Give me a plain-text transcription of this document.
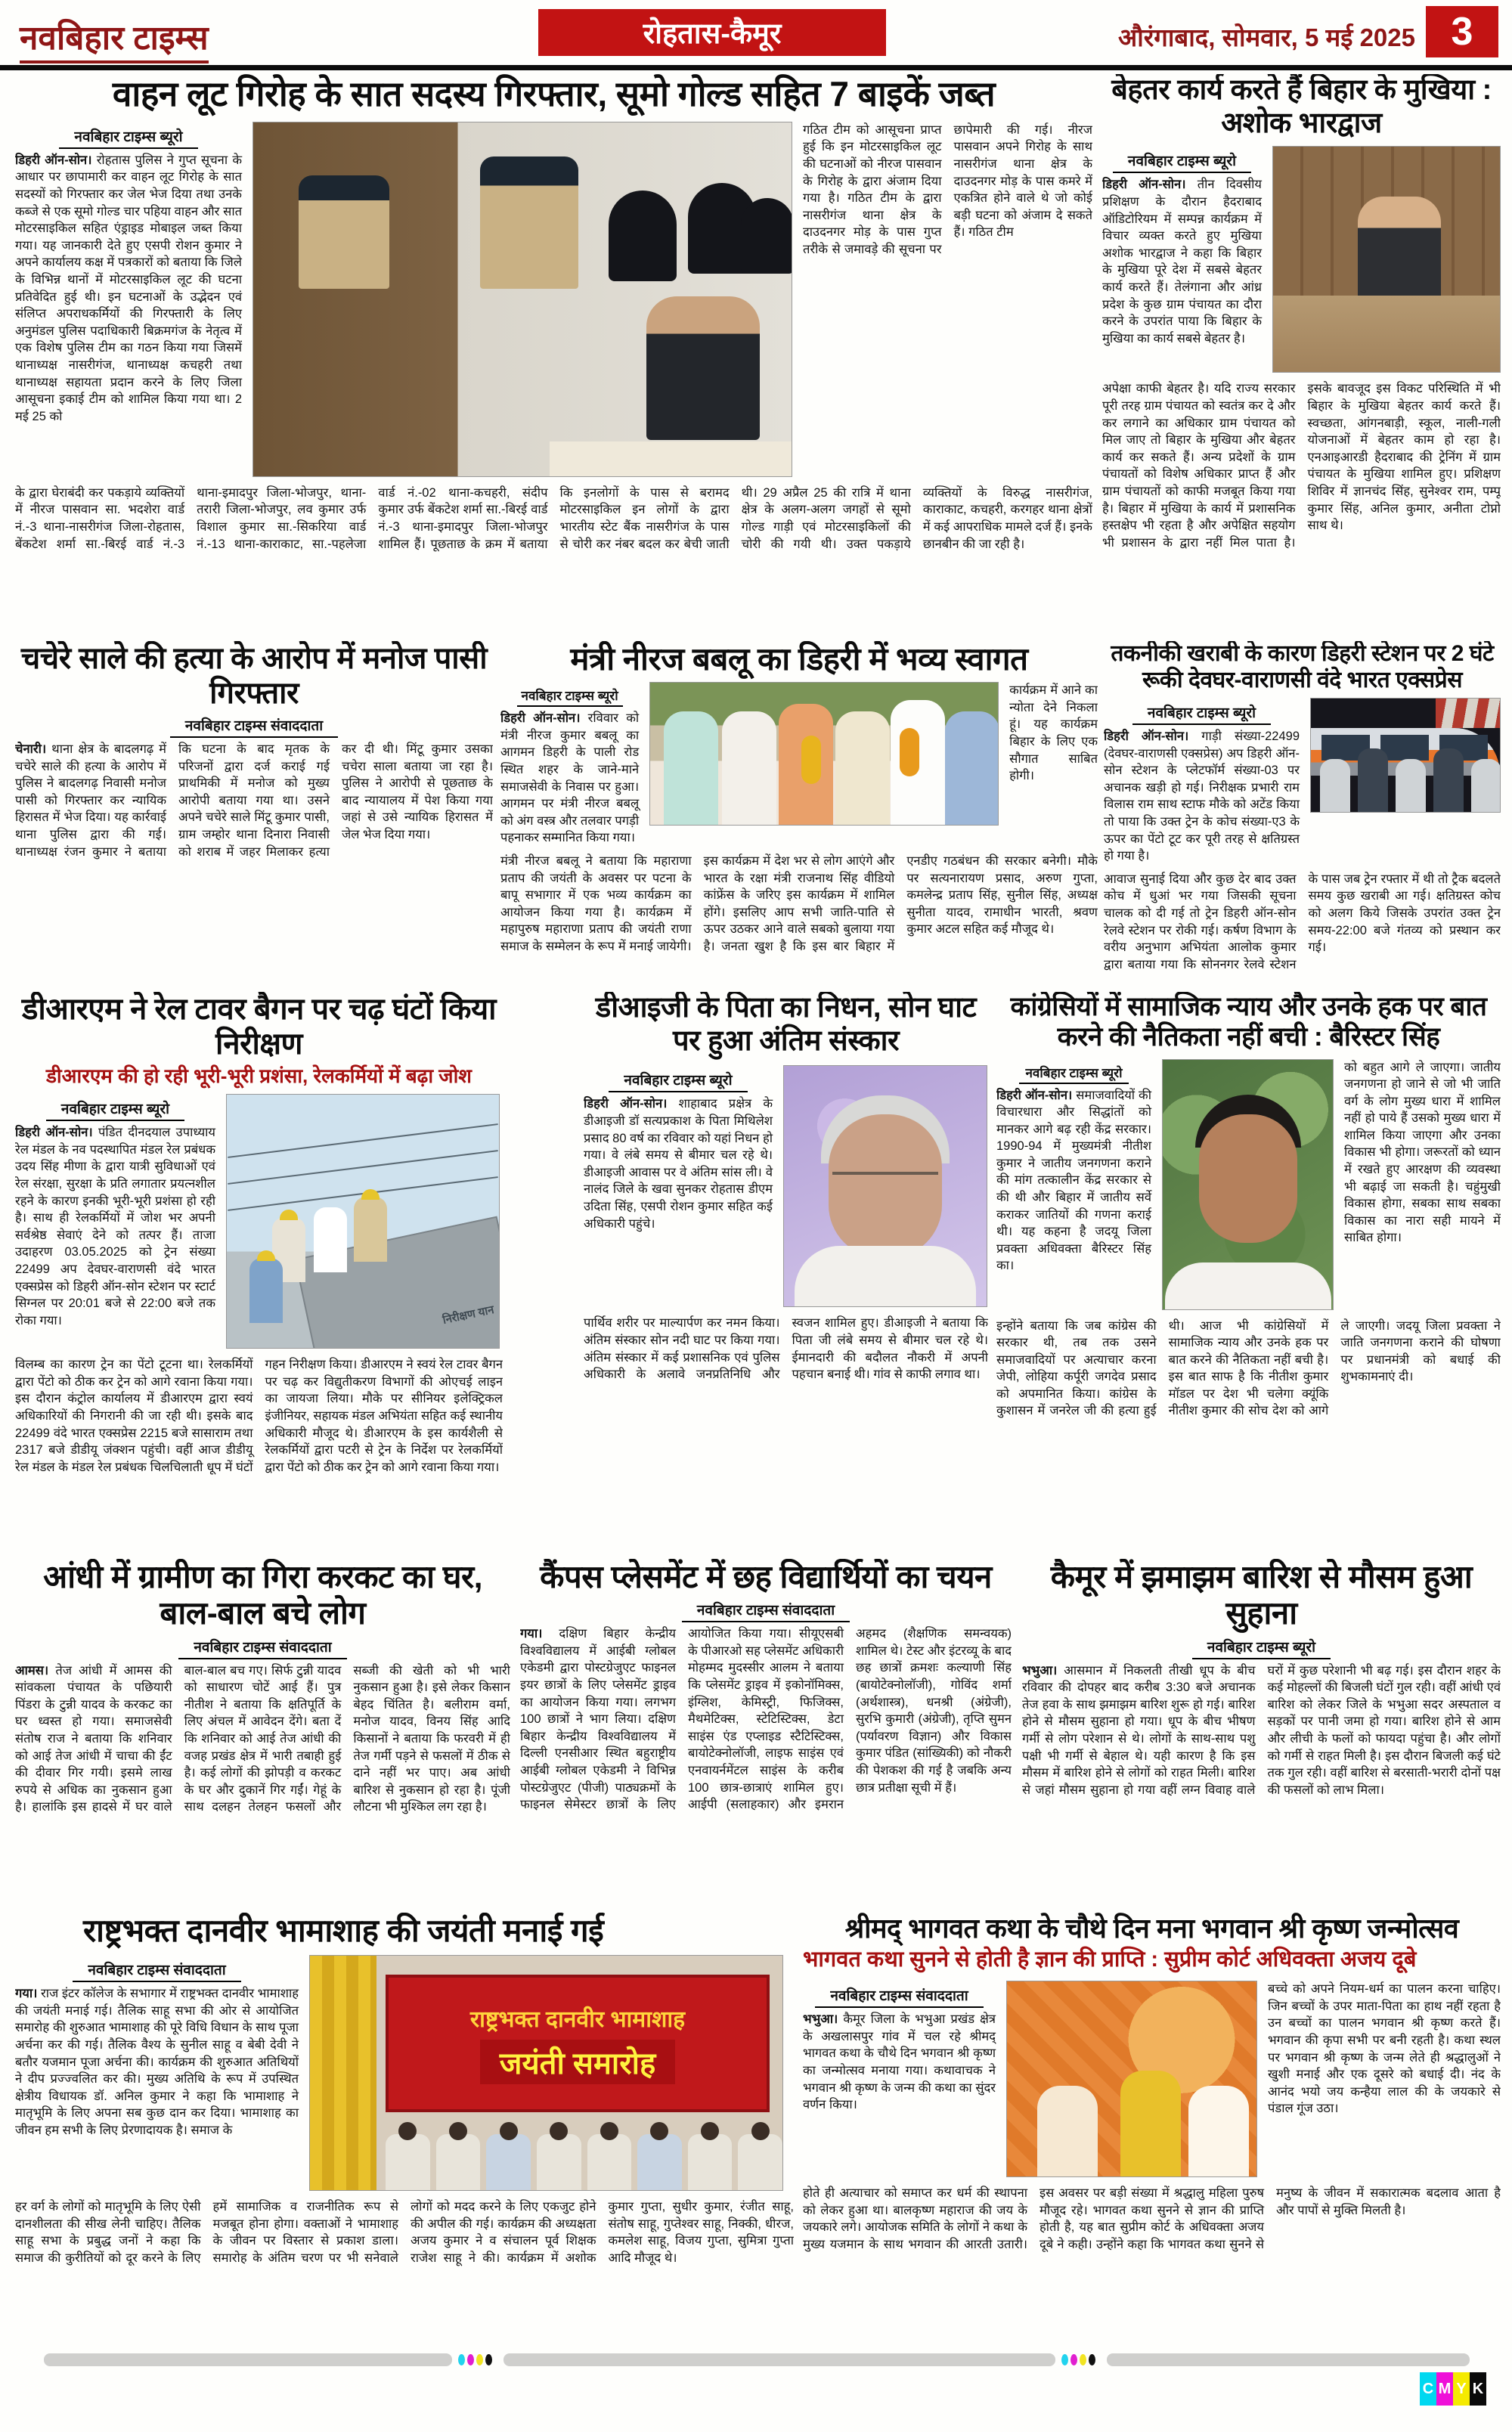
नवबिहार टाइम्स	रोहतास-कैमूर	औरंगाबाद, सोमवार, 5 मई 2025 3
वाहन लूट गिरोह के सात सदस्य गिरफ्तार, सूमो गोल्ड सहित 7 बाइकें जब्त
नवबिहार टाइम्स ब्यूरो
डिहरी ऑन-सोन। रोहतास पुलिस ने गुप्त सूचना के आधार पर छापामारी कर वाहन लूट गिरोह के सात सदस्यों को गिरफ्तार कर जेल भेज दिया तथा उनके कब्जे से एक सूमो गोल्ड चार पहिया वाहन और सात मोटरसाइकिल सहित एंड्राइड मोबाइल जब्त किया गया। यह जानकारी देते हुए एसपी रोशन कुमार ने अपने कार्यालय कक्ष में पत्रकारों को बताया कि जिले के विभिन्न थानों में मोटरसाइकिल लूट की घटना प्रतिवेदित हुई थी। इन घटनाओं के उद्भेदन एवं संलिप्त अपराधकर्मियों की गिरफ्तारी के लिए अनुमंडल पुलिस पदाधिकारी बिक्रमगंज के नेतृत्व में एक विशेष पुलिस टीम का गठन किया गया जिसमें थानाध्यक्ष नासरीगंज, थानाध्यक्ष कचहरी तथा थानाध्यक्ष सहायता प्रदान करने के लिए जिला आसूचना इकाई टीम को शामिल किया गया था। 2 मई 25 को
गठित टीम को आसूचना प्राप्त हुई कि इन मोटरसाइकिल लूट की घटनाओं को नीरज पासवान के गिरोह के द्वारा अंजाम दिया गया है। गठित टीम के द्वारा नासरीगंज थाना क्षेत्र के दाउदनगर मोड़ के पास गुप्त तरीके से जमावड़े की सूचना पर छापेमारी की गई। नीरज पासवान अपने गिरोह के साथ नासरीगंज थाना क्षेत्र के दाउदनगर मोड़ के पास कमरे में एकत्रित होने वाले थे जो कोई बड़ी घटना को अंजाम दे सकते हैं। गठित टीम
के द्वारा घेराबंदी कर पकड़ाये व्यक्तियों में नीरज पासवान सा. भदशेरा वार्ड नं.-3 थाना-नासरीगंज जिला-रोहतास, बेंकटेश शर्मा सा.-बिरई वार्ड नं.-3 थाना-इमादपुर जिला-भोजपुर, थाना-तरारी जिला-भोजपुर, लव कुमार उर्फ विशाल कुमार सा.-सिकरिया वार्ड नं.-13 थाना-काराकाट, सा.-पहलेजा वार्ड नं.-02 थाना-कचहरी, संदीप कुमार उर्फ बेंकटेश शर्मा सा.-बिरई वार्ड नं.-3 थाना-इमादपुर जिला-भोजपुर शामिल हैं। पूछताछ के क्रम में बताया कि इनलोगों के पास से बरामद मोटरसाइकिल इन लोगों के द्वारा भारतीय स्टेट बैंक नासरीगंज के पास से चोरी कर नंबर बदल कर बेची जाती थी। 29 अप्रैल 25 की रात्रि में थाना क्षेत्र के अलग-अलग जगहों से सूमो गोल्ड गाड़ी एवं मोटरसाइकिलों की चोरी की गयी थी। उक्त पकड़ाये व्यक्तियों के विरुद्ध नासरीगंज, काराकाट, कचहरी, करगहर थाना क्षेत्रों में कई आपराधिक मामले दर्ज हैं। इनके छानबीन की जा रही है।
बेहतर कार्य करते हैं बिहार के मुखिया : अशोक भारद्वाज
नवबिहार टाइम्स ब्यूरो
डिहरी ऑन-सोन। तीन दिवसीय प्रशिक्षण के दौरान हैदराबाद ऑडिटोरियम में सम्पन्न कार्यक्रम में विचार व्यक्त करते हुए मुखिया अशोक भारद्वाज ने कहा कि बिहार के मुखिया पूरे देश में सबसे बेहतर कार्य करते हैं। तेलंगाना और आंध्र प्रदेश के कुछ ग्राम पंचायत का दौरा करने के उपरांत पाया कि बिहार के मुखिया का कार्य सबसे बेहतर है।
अपेक्षा काफी बेहतर है। यदि राज्य सरकार पूरी तरह ग्राम पंचायत को स्वतंत्र कर दे और कर लगाने का अधिकार ग्राम पंचायत को मिल जाए तो बिहार के मुखिया और बेहतर कार्य कर सकते हैं। अन्य प्रदेशों के ग्राम पंचायतों को विशेष अधिकार प्राप्त हैं और ग्राम पंचायतों को काफी मजबूत किया गया है। बिहार में मुखिया के कार्य में प्रशासनिक हस्तक्षेप भी रहता है और अपेक्षित सहयोग भी प्रशासन के द्वारा नहीं मिल पाता है। इसके बावजूद इस विकट परिस्थिति में भी बिहार के मुखिया बेहतर कार्य करते हैं। स्वच्छता, आंगनबाड़ी, स्कूल, नाली-गली योजनाओं में बेहतर काम हो रहा है। एनआइआरडी हैदराबाद की ट्रेनिंग में ग्राम पंचायत के मुखिया शामिल हुए। प्रशिक्षण शिविर में ज्ञानचंद सिंह, सुनेश्वर राम, पम्पू कुमार सिंह, अनिल कुमार, अनीता टोप्नो साथ थे।
चचेरे साले की हत्या के आरोप में मनोज पासी गिरफ्तार
नवबिहार टाइम्स संवाददाता
चेनारी। थाना क्षेत्र के बादलगढ़ में चचेरे साले की हत्या के आरोप में पुलिस ने बादलगढ़ निवासी मनोज पासी को गिरफ्तार कर न्यायिक हिरासत में भेज दिया। यह कार्रवाई थाना पुलिस द्वारा की गई। थानाध्यक्ष रंजन कुमार ने बताया कि घटना के बाद मृतक के परिजनों द्वारा दर्ज कराई गई प्राथमिकी में मनोज को मुख्य आरोपी बताया गया था। उसने अपने चचेरे साले मिंटू कुमार पासी, ग्राम जम्होर थाना दिनारा निवासी को शराब में जहर मिलाकर हत्या कर दी थी। मिंटू कुमार उसका चचेरा साला बताया जा रहा है। पुलिस ने आरोपी से पूछताछ के बाद न्यायालय में पेश किया गया जहां से उसे न्यायिक हिरासत में जेल भेज दिया गया।
मंत्री नीरज बबलू का डिहरी में भव्य स्वागत
नवबिहार टाइम्स ब्यूरो
डिहरी ऑन-सोन। रविवार को मंत्री नीरज कुमार बबलू का आगमन डिहरी के पाली रोड स्थित शहर के जाने-माने समाजसेवी के निवास पर हुआ। आगमन पर मंत्री नीरज बबलू को अंग वस्त्र और तलवार पगड़ी पहनाकर सम्मानित किया गया।
कार्यक्रम में आने का न्योता देने निकला हूं। यह कार्यक्रम बिहार के लिए एक सौगात साबित होगी।
मंत्री नीरज बबलू ने बताया कि महाराणा प्रताप की जयंती के अवसर पर पटना के बापू सभागार में एक भव्य कार्यक्रम का आयोजन किया गया है। कार्यक्रम में महापुरुष महाराणा प्रताप की जयंती राणा समाज के सम्मेलन के रूप में मनाई जायेगी। इस कार्यक्रम में देश भर से लोग आएंगे और भारत के रक्षा मंत्री राजनाथ सिंह वीडियो कांफ्रेंस के जरिए इस कार्यक्रम में शामिल होंगे। इसलिए आप सभी जाति-पाति से ऊपर उठकर आने वाले सबको बुलाया गया है। जनता खुश है कि इस बार बिहार में एनडीए गठबंधन की सरकार बनेगी। मौके पर सत्यनारायण प्रसाद, अरुण गुप्ता, कमलेन्द्र प्रताप सिंह, सुनील सिंह, अध्यक्ष सुनीता यादव, रामाधीन भारती, श्रवण कुमार अटल सहित कई मौजूद थे।
तकनीकी खराबी के कारण डिहरी स्टेशन पर 2 घंटे रूकी देवघर-वाराणसी वंदे भारत एक्सप्रेस
नवबिहार टाइम्स ब्यूरो
डिहरी ऑन-सोन। गाड़ी संख्या-22499 (देवघर-वाराणसी एक्सप्रेस) अप डिहरी ऑन-सोन स्टेशन के प्लेटफॉर्म संख्या-03 पर अचानक खड़ी हो गई। निरीक्षक प्रभारी राम विलास राम साथ स्टाफ मौके को अटेंड किया तो पाया कि उक्त ट्रेन के कोच संख्या-ए3 के ऊपर का पेंटो टूट कर पूरी तरह से क्षतिग्रस्त हो गया है।
आवाज सुनाई दिया और कुछ देर बाद उक्त कोच में धुआं भर गया जिसकी सूचना चालक को दी गई तो ट्रेन डिहरी ऑन-सोन रेलवे स्टेशन पर रोकी गई। कर्षण विभाग के वरीय अनुभाग अभियंता आलोक कुमार द्वारा बताया गया कि सोननगर रेलवे स्टेशन के पास जब ट्रेन रफ्तार में थी तो ट्रैक बदलते समय कुछ खराबी आ गई। क्षतिग्रस्त कोच को अलग किये जिसके उपरांत उक्त ट्रेन समय-22:00 बजे गंतव्य को प्रस्थान कर गई।
डीआरएम ने रेल टावर बैगन पर चढ़ घंटों किया निरीक्षण
डीआरएम की हो रही भूरी-भूरी प्रशंसा, रेलकर्मियों में बढ़ा जोश
नवबिहार टाइम्स ब्यूरो
डिहरी ऑन-सोन। पंडित दीनदयाल उपाध्याय रेल मंडल के नव पदस्थापित मंडल रेल प्रबंधक उदय सिंह मीणा के द्वारा यात्री सुविधाओं एवं रेल संरक्षा, सुरक्षा के प्रति लगातार प्रयत्नशील रहने के कारण इनकी भूरी-भूरी प्रशंसा हो रही है। साथ ही रेलकर्मियों में जोश भर अपनी सर्वश्रेष्ठ सेवाएं देने को तत्पर हैं। ताजा उदाहरण 03.05.2025 को ट्रेन संख्या 22499 अप देवघर-वाराणसी वंदे भारत एक्सप्रेस को डिहरी ऑन-सोन स्टेशन पर स्टार्ट सिग्नल पर 20:01 बजे से 22:00 बजे तक रोका गया।	निरीक्षण यान
विलम्ब का कारण ट्रेन का पेंटो टूटना था। रेलकर्मियों द्वारा पेंटो को ठीक कर ट्रेन को आगे रवाना किया गया। इस दौरान कंट्रोल कार्यालय में डीआरएम द्वारा स्वयं अधिकारियों की निगरानी की जा रही थी। इसके बाद 22499 वंदे भारत एक्सप्रेस 2215 बजे सासाराम तथा 2317 बजे डीडीयू जंक्शन पहुंची। वहीं आज डीडीयू रेल मंडल के मंडल रेल प्रबंधक चिलचिलाती धूप में घंटों गहन निरीक्षण किया। डीआरएम ने स्वयं रेल टावर बैगन पर चढ़ कर विद्युतीकरण विभागों की ओएचई लाइन का जायजा लिया। मौके पर सीनियर इलेक्ट्रिकल इंजीनियर, सहायक मंडल अभियंता सहित कई स्थानीय अधिकारी मौजूद थे। डीआरएम के इस कार्यशैली से रेलकर्मियों द्वारा पटरी से ट्रेन के निर्देश पर रेलकर्मियों द्वारा पेंटो को ठीक कर ट्रेन को आगे रवाना किया गया।
डीआइजी के पिता का निधन, सोन घाट पर हुआ अंतिम संस्कार
नवबिहार टाइम्स ब्यूरो
डिहरी ऑन-सोन। शाहाबाद प्रक्षेत्र के डीआइजी डॉ सत्यप्रकाश के पिता मिथिलेश प्रसाद 80 वर्ष का रविवार को यहां निधन हो गया। वे लंबे समय से बीमार चल रहे थे। डीआइजी आवास पर वे अंतिम सांस ली। वे नालंद जिले के खवा सुनकर रोहतास डीएम उदिता सिंह, एसपी रोशन कुमार सहित कई अधिकारी पहुंचे।
पार्थिव शरीर पर माल्यार्पण कर नमन किया। अंतिम संस्कार सोन नदी घाट पर किया गया। अंतिम संस्कार में कई प्रशासनिक एवं पुलिस अधिकारी के अलावे जनप्रतिनिधि और स्वजन शामिल हुए। डीआइजी ने बताया कि पिता जी लंबे समय से बीमार चल रहे थे। ईमानदारी की बदौलत नौकरी में अपनी पहचान बनाई थी। गांव से काफी लगाव था।
कांग्रेसियों में सामाजिक न्याय और उनके हक पर बात करने की नैतिकता नहीं बची : बैरिस्टर सिंह
नवबिहार टाइम्स ब्यूरो
डिहरी ऑन-सोन। समाजवादियों की विचारधारा और सिद्धांतों को मानकर आगे बढ़ रही केंद्र सरकार। 1990-94 में मुख्यमंत्री नीतीश कुमार ने जातीय जनगणना कराने की मांग तत्कालीन केंद्र सरकार से की थी और बिहार में जातीय सर्वे कराकर जातियों की गणना कराई थी। यह कहना है जदयू जिला प्रवक्ता अधिवक्ता बैरिस्टर सिंह का।
को बहुत आगे ले जाएगा। जातीय जनगणना हो जाने से जो भी जाति वर्ग के लोग मुख्य धारा में शामिल नहीं हो पाये हैं उसको मुख्य धारा में शामिल किया जाएगा और उनका विकास भी होगा। जरूरतों को ध्यान में रखते हुए आरक्षण की व्यवस्था भी बढ़ाई जा सकती है। चहुंमुखी विकास होगा, सबका साथ सबका विकास का नारा सही मायने में साबित होगा।
इन्होंने बताया कि जब कांग्रेस की सरकार थी, तब तक उसने समाजवादियों पर अत्याचार करना जेपी, लोहिया कर्पूरी जगदेव प्रसाद को अपमानित किया। कांग्रेस के कुशासन में जनरेल जी की हत्या हुई थी। आज भी कांग्रेसियों में सामाजिक न्याय और उनके हक पर बात करने की नैतिकता नहीं बची है। इस बात साफ है कि नीतीश कुमार मॉडल पर देश भी चलेगा क्यूंकि नीतीश कुमार की सोच देश को आगे ले जाएगी। जदयू जिला प्रवक्ता ने जाति जनगणना कराने की घोषणा पर प्रधानमंत्री को बधाई की शुभकामनाएं दी।
आंधी में ग्रामीण का गिरा करकट का घर, बाल-बाल बचे लोग
नवबिहार टाइम्स संवाददाता
आमस। तेज आंधी में आमस की सांवकला पंचायत के पछियारी पिंडरा के टुन्नी यादव के करकट का घर ध्वस्त हो गया। समाजसेवी संतोष राज ने बताया कि शनिवार को आई तेज आंधी में चाचा की ईंट की दीवार गिर गयी। इसमे लाख रुपये से अधिक का नुकसान हुआ है। हालांकि इस हादसे में घर वाले बाल-बाल बच गए। सिर्फ टुन्नी यादव को साधारण चोटें आई हैं। पुत्र नीतीश ने बताया कि क्षतिपूर्ति के लिए अंचल में आवेदन देंगे। बता दें कि शनिवार को आई तेज आंधी की वजह प्रखंड क्षेत्र में भारी तबाही हुई है। कई लोगों की झोपड़ी व करकट के घर और दुकानें गिर गईं। गेहूं के साथ दलहन तेलहन फसलों और सब्जी की खेती को भी भारी नुकसान हुआ है। इसे लेकर किसान बेहद चिंतित है। बलीराम वर्मा, मनोज यादव, विनय सिंह आदि किसानों ने बताया कि फरवरी में ही तेज गर्मी पड़ने से फसलों में ठीक से दाने नहीं भर पाए। अब आंधी बारिश से नुकसान हो रहा है। पूंजी लौटना भी मुश्किल लग रहा है।
कैंपस प्लेसमेंट में छह विद्यार्थियों का चयन
नवबिहार टाइम्स संवाददाता
गया। दक्षिण बिहार केन्द्रीय विश्वविद्यालय में आईबी ग्लोबल एकेडमी द्वारा पोस्टग्रेजुएट फाइनल इयर छात्रों के लिए प्लेसमेंट ड्राइव का आयोजन किया गया। लगभग 100 छात्रों ने भाग लिया। दक्षिण बिहार केन्द्रीय विश्वविद्यालय में दिल्ली एनसीआर स्थित बहुराष्ट्रीय आईबी ग्लोबल एकेडमी ने विभिन्न पोस्टग्रेजुएट (पीजी) पाठ्यक्रमों के फाइनल सेमेस्टर छात्रों के लिए आयोजित किया गया। सीयूएसबी के पीआरओ सह प्लेसमेंट अधिकारी मोहम्मद मुदस्सीर आलम ने बताया कि प्लेसमेंट ड्राइव में इकोनॉमिक्स, इंग्लिश, केमिस्ट्री, फिजिक्स, मैथमेटिक्स, स्टेटिस्टिक्स, डेटा साइंस एंड एप्लाइड स्टैटिस्टिक्स, बायोटेक्नोलॉजी, लाइफ साइंस एवं एनवायर्नमेंटल साइंस के करीब 100 छात्र-छात्राएं शामिल हुए। आईपी (सलाहकार) और इमरान अहमद (शैक्षणिक समन्वयक) शामिल थे। टेस्ट और इंटरव्यू के बाद छह छात्रों क्रमशः कल्याणी सिंह (बायोटेक्नोलॉजी), गोविंद शर्मा (अर्थशास्त्र), धनश्री (अंग्रेजी), सुरभि कुमारी (अंग्रेजी), तृप्ति सुमन (पर्यावरण विज्ञान) और विकास कुमार पंडित (सांख्यिकी) को नौकरी की पेशकश की गई है जबकि अन्य छात्र प्रतीक्षा सूची में हैं।
कैमूर में झमाझम बारिश से मौसम हुआ सुहाना
नवबिहार टाइम्स ब्यूरो
भभुआ। आसमान में निकलती तीखी धूप के बीच रविवार की दोपहर बाद करीब 3:30 बजे अचानक तेज हवा के साथ झमाझम बारिश शुरू हो गई। बारिश होने से मौसम सुहाना हो गया। धूप के बीच भीषण गर्मी से लोग परेशान से थे। लोगों के साथ-साथ पशु पक्षी भी गर्मी से बेहाल थे। यही कारण है कि इस मौसम में बारिश होने से लोगों को राहत मिली। बारिश से जहां मौसम सुहाना हो गया वहीं लग्न विवाह वाले घरों में कुछ परेशानी भी बढ़ गई। इस दौरान शहर के कई मोहल्लों की बिजली घंटों गुल रही। वहीं आंधी एवं बारिश को लेकर जिले के भभुआ सदर अस्पताल व सड़कों पर पानी जमा हो गया। बारिश होने से आम और लीची के फलों को फायदा पहुंचा है। और लोगों को गर्मी से राहत मिली है। इस दौरान बिजली कई घंटे तक गुल रही। वहीं बारिश से बरसाती-भरारी दोनों पक्ष की फसलों को लाभ मिला।
राष्ट्रभक्त दानवीर भामाशाह की जयंती मनाई गई
नवबिहार टाइम्स संवाददाता
गया। राज इंटर कॉलेज के सभागार में राष्ट्रभक्त दानवीर भामाशाह की जयंती मनाई गई। तैलिक साहू सभा की ओर से आयोजित समारोह की शुरुआत भामाशाह की पूरे विधि विधान के साथ पूजा अर्चना कर की गई। तैलिक वैश्य के सुनील साहू व बेबी देवी ने बतौर यजमान पूजा अर्चना की। कार्यक्रम की शुरुआत अतिथियों ने दीप प्रज्ज्वलित कर की। मुख्य अतिथि के रूप में उपस्थित क्षेत्रीय विधायक डॉ. अनिल कुमार ने कहा कि भामाशाह ने मातृभूमि के लिए अपना सब कुछ दान कर दिया। भामाशाह का जीवन हम सभी के लिए प्रेरणादायक है। समाज के
राष्ट्रभक्त दानवीर भामाशाह
जयंती समारोह
हर वर्ग के लोगों को मातृभूमि के लिए ऐसी दानशीलता की सीख लेनी चाहिए। तैलिक साहू सभा के प्रबुद्ध जनों ने कहा कि समाज की कुरीतियों को दूर करने के लिए हमें सामाजिक व राजनीतिक रूप से मजबूत होना होगा। वक्ताओं ने भामाशाह के जीवन पर विस्तार से प्रकाश डाला। समारोह के अंतिम चरण पर भी सनेवाले लोगों को मदद करने के लिए एकजुट होने की अपील की गई। कार्यक्रम की अध्यक्षता अजय कुमार ने व संचालन पूर्व शिक्षक राजेश साहू ने की। कार्यक्रम में अशोक कुमार गुप्ता, सुधीर कुमार, रंजीत साहू, संतोष साहू, गुप्तेश्वर साहू, निक्की, धीरज, कमलेश साहू, विजय गुप्ता, सुमित्रा गुप्ता आदि मौजूद थे।
श्रीमद् भागवत कथा के चौथे दिन मना भगवान श्री कृष्ण जन्मोत्सव
भागवत कथा सुनने से होती है ज्ञान की प्राप्ति : सुप्रीम कोर्ट अधिवक्ता अजय दूबे
नवबिहार टाइम्स संवाददाता
भभुआ। कैमूर जिला के भभुआ प्रखंड क्षेत्र के अखलासपुर गांव में चल रहे श्रीमद् भागवत कथा के चौथे दिन भगवान श्री कृष्ण का जन्मोत्सव मनाया गया। कथावाचक ने भगवान श्री कृष्ण के जन्म की कथा का सुंदर वर्णन किया।
बच्चे को अपने नियम-धर्म का पालन करना चाहिए। जिन बच्चों के उपर माता-पिता का हाथ नहीं रहता है उन बच्चों का पालन भगवान श्री कृष्ण करते हैं। भगवान की कृपा सभी पर बनी रहती है। कथा स्थल पर भगवान श्री कृष्ण के जन्म लेते ही श्रद्धालुओं ने खुशी मनाई और एक दूसरे को बधाई दी। नंद के आनंद भयो जय कन्हैया लाल की के जयकारे से पंडाल गूंज उठा।
होते ही अत्याचार को समाप्त कर धर्म की स्थापना को लेकर हुआ था। बालकृष्ण महाराज की जय के जयकारे लगे। आयोजक समिति के लोगों ने कथा के मुख्य यजमान के साथ भगवान की आरती उतारी। इस अवसर पर बड़ी संख्या में श्रद्धालु महिला पुरुष मौजूद रहे। भागवत कथा सुनने से ज्ञान की प्राप्ति होती है, यह बात सुप्रीम कोर्ट के अधिवक्ता अजय दूबे ने कही। उन्होंने कहा कि भागवत कथा सुनने से मनुष्य के जीवन में सकारात्मक बदलाव आता है और पापों से मुक्ति मिलती है।
C M Y K
